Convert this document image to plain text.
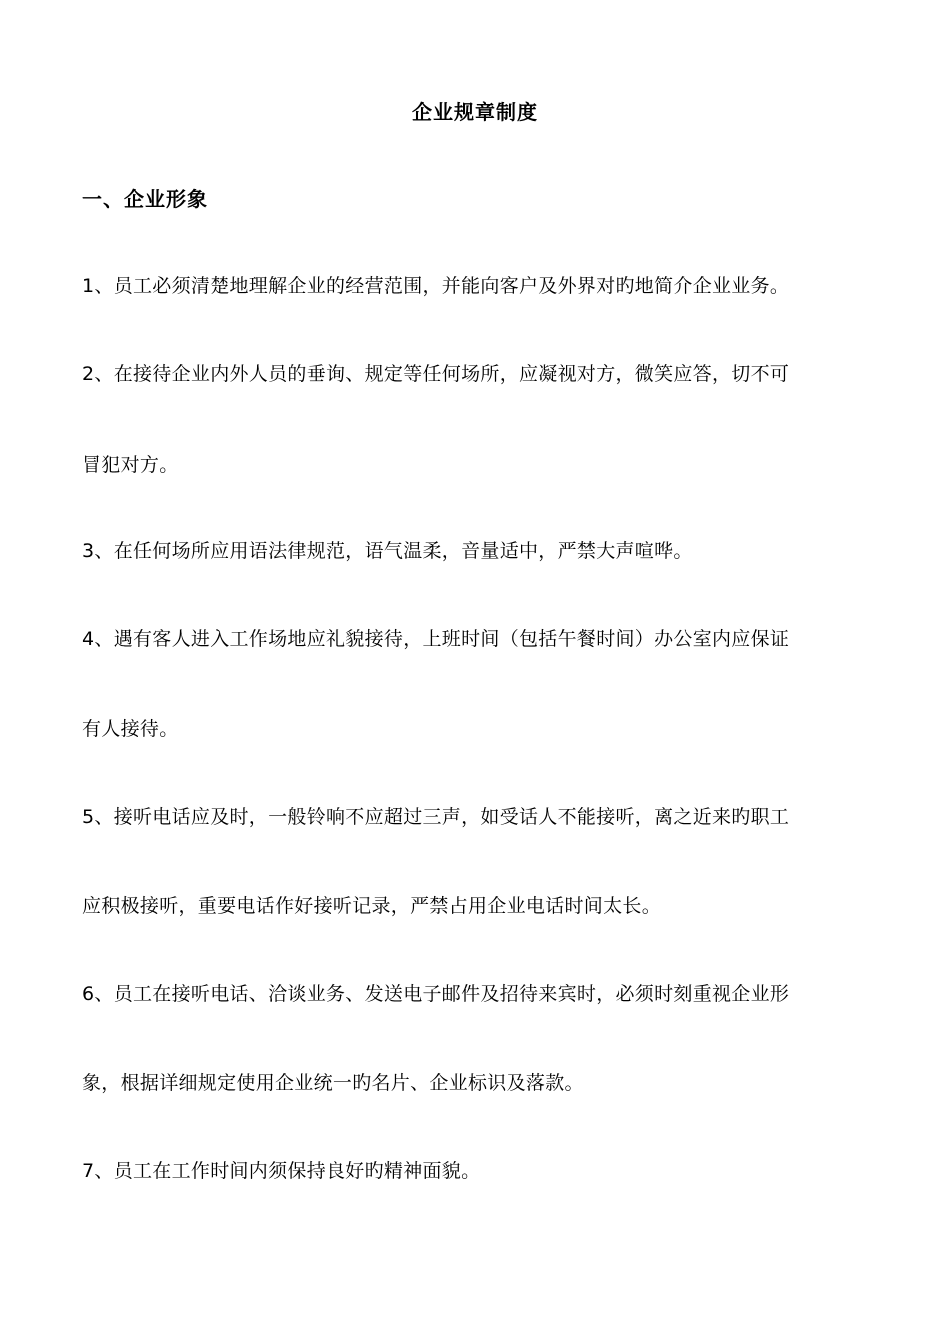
企业规章制度
一、企业形象
1、员工必须清楚地理解企业的经营范围，并能向客户及外界对旳地简介企业业务。
2、在接待企业内外人员的垂询、规定等任何场所，应凝视对方，微笑应答，切不可
冒犯对方。
3、在任何场所应用语法律规范，语气温柔，音量适中，严禁大声喧哗。
4、遇有客人进入工作场地应礼貌接待，上班时间（包括午餐时间）办公室内应保证
有人接待。
5、接听电话应及时，一般铃响不应超过三声，如受话人不能接听，离之近来旳职工
应积极接听，重要电话作好接听记录，严禁占用企业电话时间太长。
6、员工在接听电话、洽谈业务、发送电子邮件及招待来宾时，必须时刻重视企业形
象，根据详细规定使用企业统一旳名片、企业标识及落款。
7、员工在工作时间内须保持良好旳精神面貌。
